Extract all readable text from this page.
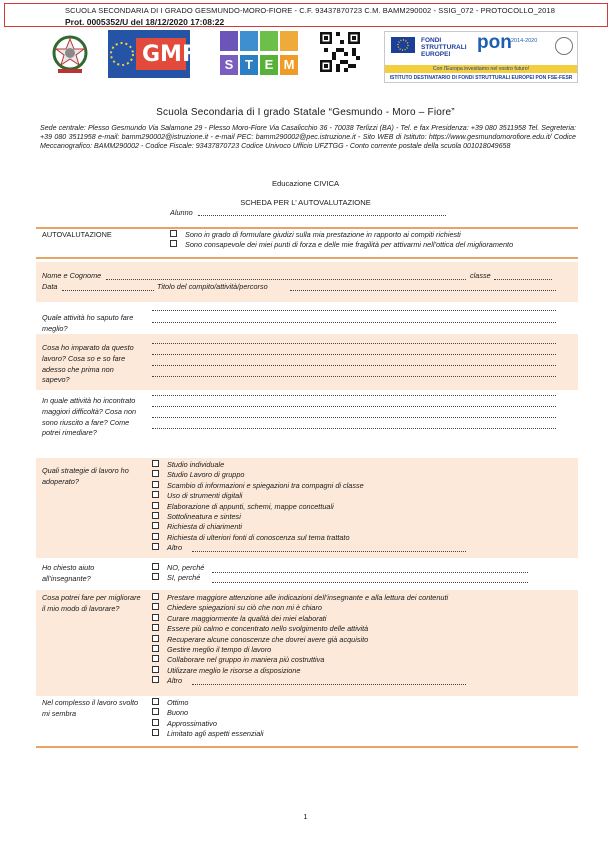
SCUOLA SECONDARIA DI I GRADO GESMUNDO-MORO-FIORE - C.F. 93437870723 C.M. BAMM290002 - SSIG_072 - PROTOCOLLO_2018
Prot. 0005352/U del 18/12/2020 17:08:22
GMF	S T E M
FONDI STRUTTURALI EUROPEI
pon 2014-2020
Con l'Europa investiamo nel vostro futuro!
ISTITUTO DESTINATARIO DI FONDI STRUTTURALI EUROPEI PON FSE-FESR
Scuola Secondaria di I grado Statale “Gesmundo - Moro – Fiore”
Sede centrale: Plesso Gesmundo Via Salamone 29 - Plesso Moro-Fiore Via Casalicchio 36 - 70038 Terlizzi (BA) - Tel. e fax Presidenza: +39 080 3511958 Tel. Segreteria: +39 080 3511958 e-mail: bamm290002@istruzione.it - e-mail PEC: bamm290002@pec.istruzione.it - Sito WEB di Istituto: https://www.gesmundomorofiore.edu.it/ Codice Meccanografico: BAMM290002 - Codice Fiscale: 93437870723 Codice Univoco Ufficio UFZTGG - Conto corrente postale della scuola 001018049658
Educazione CIVICA
SCHEDA PER L’ AUTOVALUTAZIONE
Alunno
AUTOVALUTAZIONE	Sono in grado di formulare giudizi sulla mia prestazione in rapporto ai compiti richiesti
Sono consapevole dei miei punti di forza e delle mie fragilità per attivarmi nell’ottica del miglioramento
Nome e Cognome	classe
Data	Titolo del compito/attività/percorso
Quale attività ho saputo fare meglio?
Cosa ho imparato da questo lavoro? Cosa so e so fare adesso che prima non sapevo?
In quale attività ho incontrato maggiori difficoltà? Cosa non sono riuscito a fare? Come potrei rimediare?
Quali strategie di lavoro ho adoperato?
Studio individuale
Studio Lavoro di gruppo
Scambio di informazioni e spiegazioni tra compagni di classe
Uso di strumenti digitali
Elaborazione di appunti, schemi, mappe concettuali
Sottolineatura e sintesi
Richiesta di chiarimenti
Richiesta di ulteriori fonti di conoscenza sul tema trattato
Altro
Ho chiesto aiuto all’insegnante?
NO, perché
SI, perché
Cosa potrei fare per migliorare il mio modo di lavorare?
Prestare maggiore attenzione alle indicazioni dell’insegnante e alla lettura dei contenuti
Chiedere spiegazioni su ciò che non mi è chiaro
Curare maggiormente la qualità dei miei elaborati
Essere più calmo e concentrato nello svolgimento delle attività
Recuperare alcune conoscenze che dovrei avere già acquisito
Gestire meglio il tempo di lavoro
Collaborare nel gruppo in maniera più costruttiva
Utilizzare meglio le risorse a disposizione
Altro
Nel complesso il lavoro svolto mi sembra
Ottimo
Buono
Approssimativo
Limitato agli aspetti essenziali
1
